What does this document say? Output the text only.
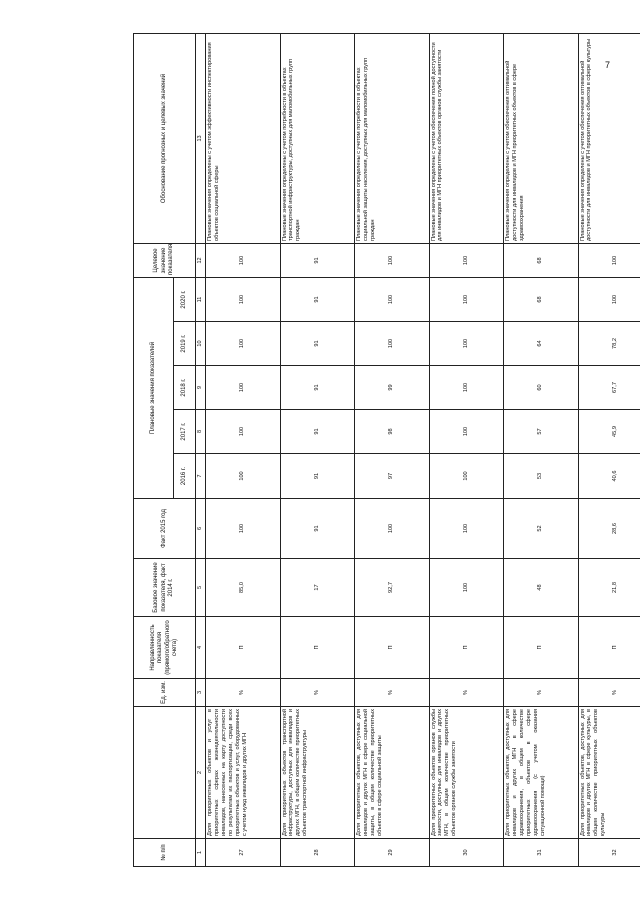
7
№ п/п		Ед. изм.	Направленность показателя (прямого/обратного счета)	Базовое значение показателя, факт 2014 г.	Факт 2015 год	Плановые значения показателей					Целевое значение показателя	Обоснование прогнозных и целевых значений
						2016 г.	2017 г.	2018 г.	2019 г.	2020 г.		
1	2	3	4	5	6	7	8	9	10	11	12	13
27	Доля приоритетных объектов и услуг в приоритетных сферах жизнедеятельности инвалидов, нанесенных на карту доступности по результатам их паспортизации, среди всех приоритетных объектов и услуг, оборудованных с учетом нужд инвалидов и других МГН	%	П	85,0	100	100	100	100	100	100	100	Плановые значения определены с учетом эффективности инспектирования объектов социальной сферы
28	Доля приоритетных объектов транспортной инфраструктуры, доступных для инвалидов и других МГН, в общем количестве приоритетных объектов транспортной инфраструктуры	%	П	17	91	91	91	91	91	91	91	Плановые значения определены с учетом потребности в объектах транспортной инфраструктуры, доступных для маломобильных групп граждан
29	Доля приоритетных объектов, доступных для инвалидов и других МГН в сфере социальной защиты, в общем количестве приоритетных объектов в сфере социальной защиты	%	П	92,7	100	97	98	99	100	100	100	Плановые значения определены с учетом потребности в объектах социальной защиты населения, доступных для маломобильных групп граждан
30	Доля приоритетных объектов органов службы занятости, доступных для инвалидов и других МГН, в общем количестве приоритетных объектов органов службы занятости	%	П	100	100	100	100	100	100	100	100	Плановые значения определены с учетом обеспечения полной доступности для инвалидов и МГН приоритетных объектов органов службы занятости
31	Доля приоритетных объектов, доступных для инвалидов и других МГН в сфере здравоохранения, в общем количестве приоритетных объектов в сфере здравоохранения (с учетом оказания ситуационной помощи)	%	П	48	52	53	57	60	64	68	68	Плановые значения определены с учетом обеспечения оптимальной доступности для инвалидов и МГН приоритетных объектов в сфере здравоохранения
32	Доля приоритетных объектов, доступных для инвалидов и других МГН в сфере культуры, в общем количестве приоритетных объектов культуры	%	П	21,8	28,6	40,6	45,9	67,7	78,2	100	100	Плановые значения определены с учетом обеспечения оптимальной доступности для инвалидов и МГН приоритетных объектов в сфере культуры
